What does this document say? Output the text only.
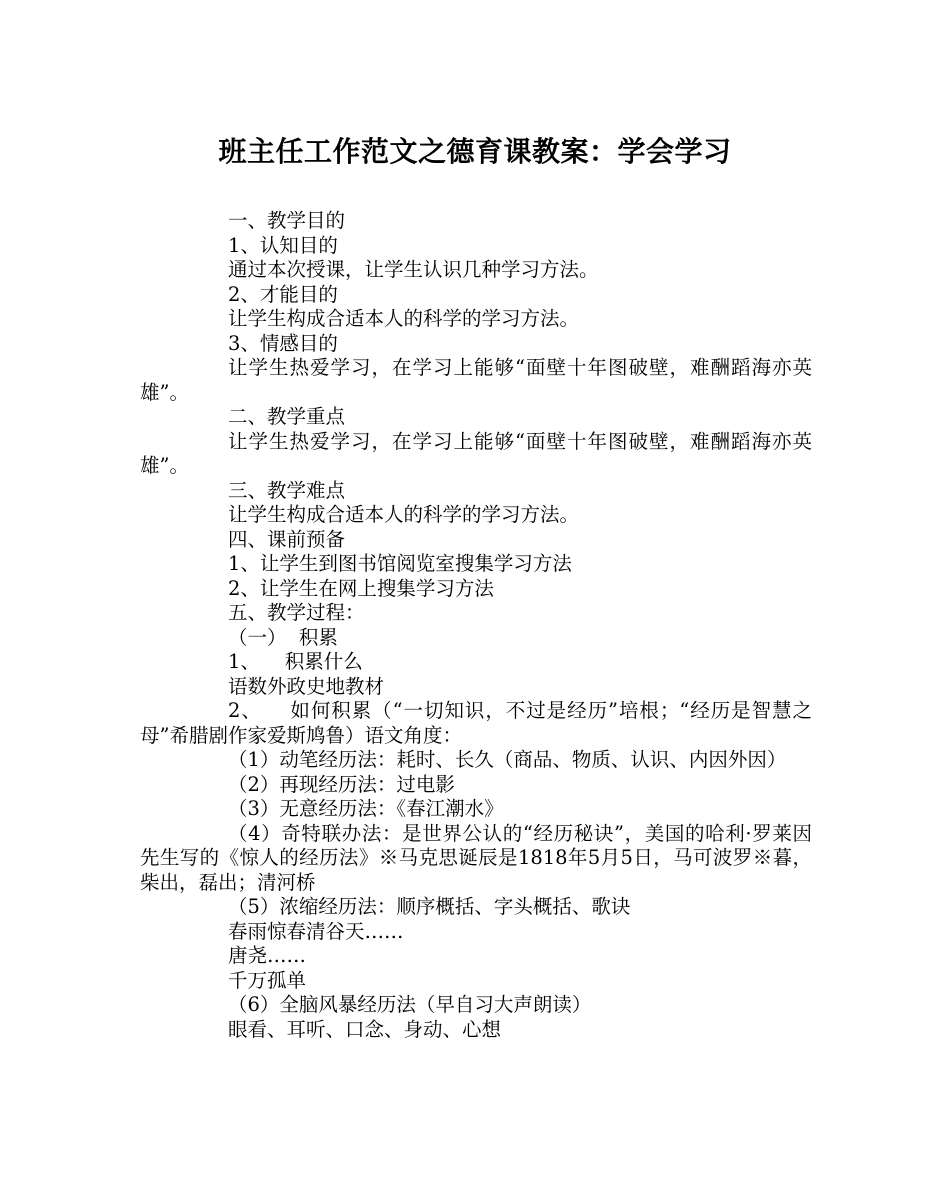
班主任工作范文之德育课教案：学会学习

一、教学目的

1、认知目的

通过本次授课，让学生认识几种学习方法。

2、才能目的

让学生构成合适本人的科学的学习方法。

3、情感目的

让学生热爱学习，在学习上能够“面壁十年图破壁，难酬蹈海亦英雄”。

二、教学重点

让学生热爱学习，在学习上能够“面壁十年图破壁，难酬蹈海亦英雄”。

三、教学难点

让学生构成合适本人的科学的学习方法。

四、课前预备

1、让学生到图书馆阅览室搜集学习方法

2、让学生在网上搜集学习方法

五、教学过程：

（一）  积累

1、    积累什么

语数外政史地教材

2、    如何积累（“一切知识，不过是经历”培根；“经历是智慧之母”希腊剧作家爱斯鸠鲁）语文角度：

（1）动笔经历法：耗时、长久（商品、物质、认识、内因外因）

（2）再现经历法：过电影

（3）无意经历法：《春江潮水》

（4）奇特联办法：是世界公认的“经历秘诀”，美国的哈利·罗莱因先生写的《惊人的经历法》※马克思诞辰是1818年5月5日，马可波罗※暮，柴出，磊出；清河桥

（5）浓缩经历法：顺序概括、字头概括、歌诀

春雨惊春清谷天……

唐尧……

千万孤单

（6）全脑风暴经历法（早自习大声朗读）

眼看、耳听、口念、身动、心想
